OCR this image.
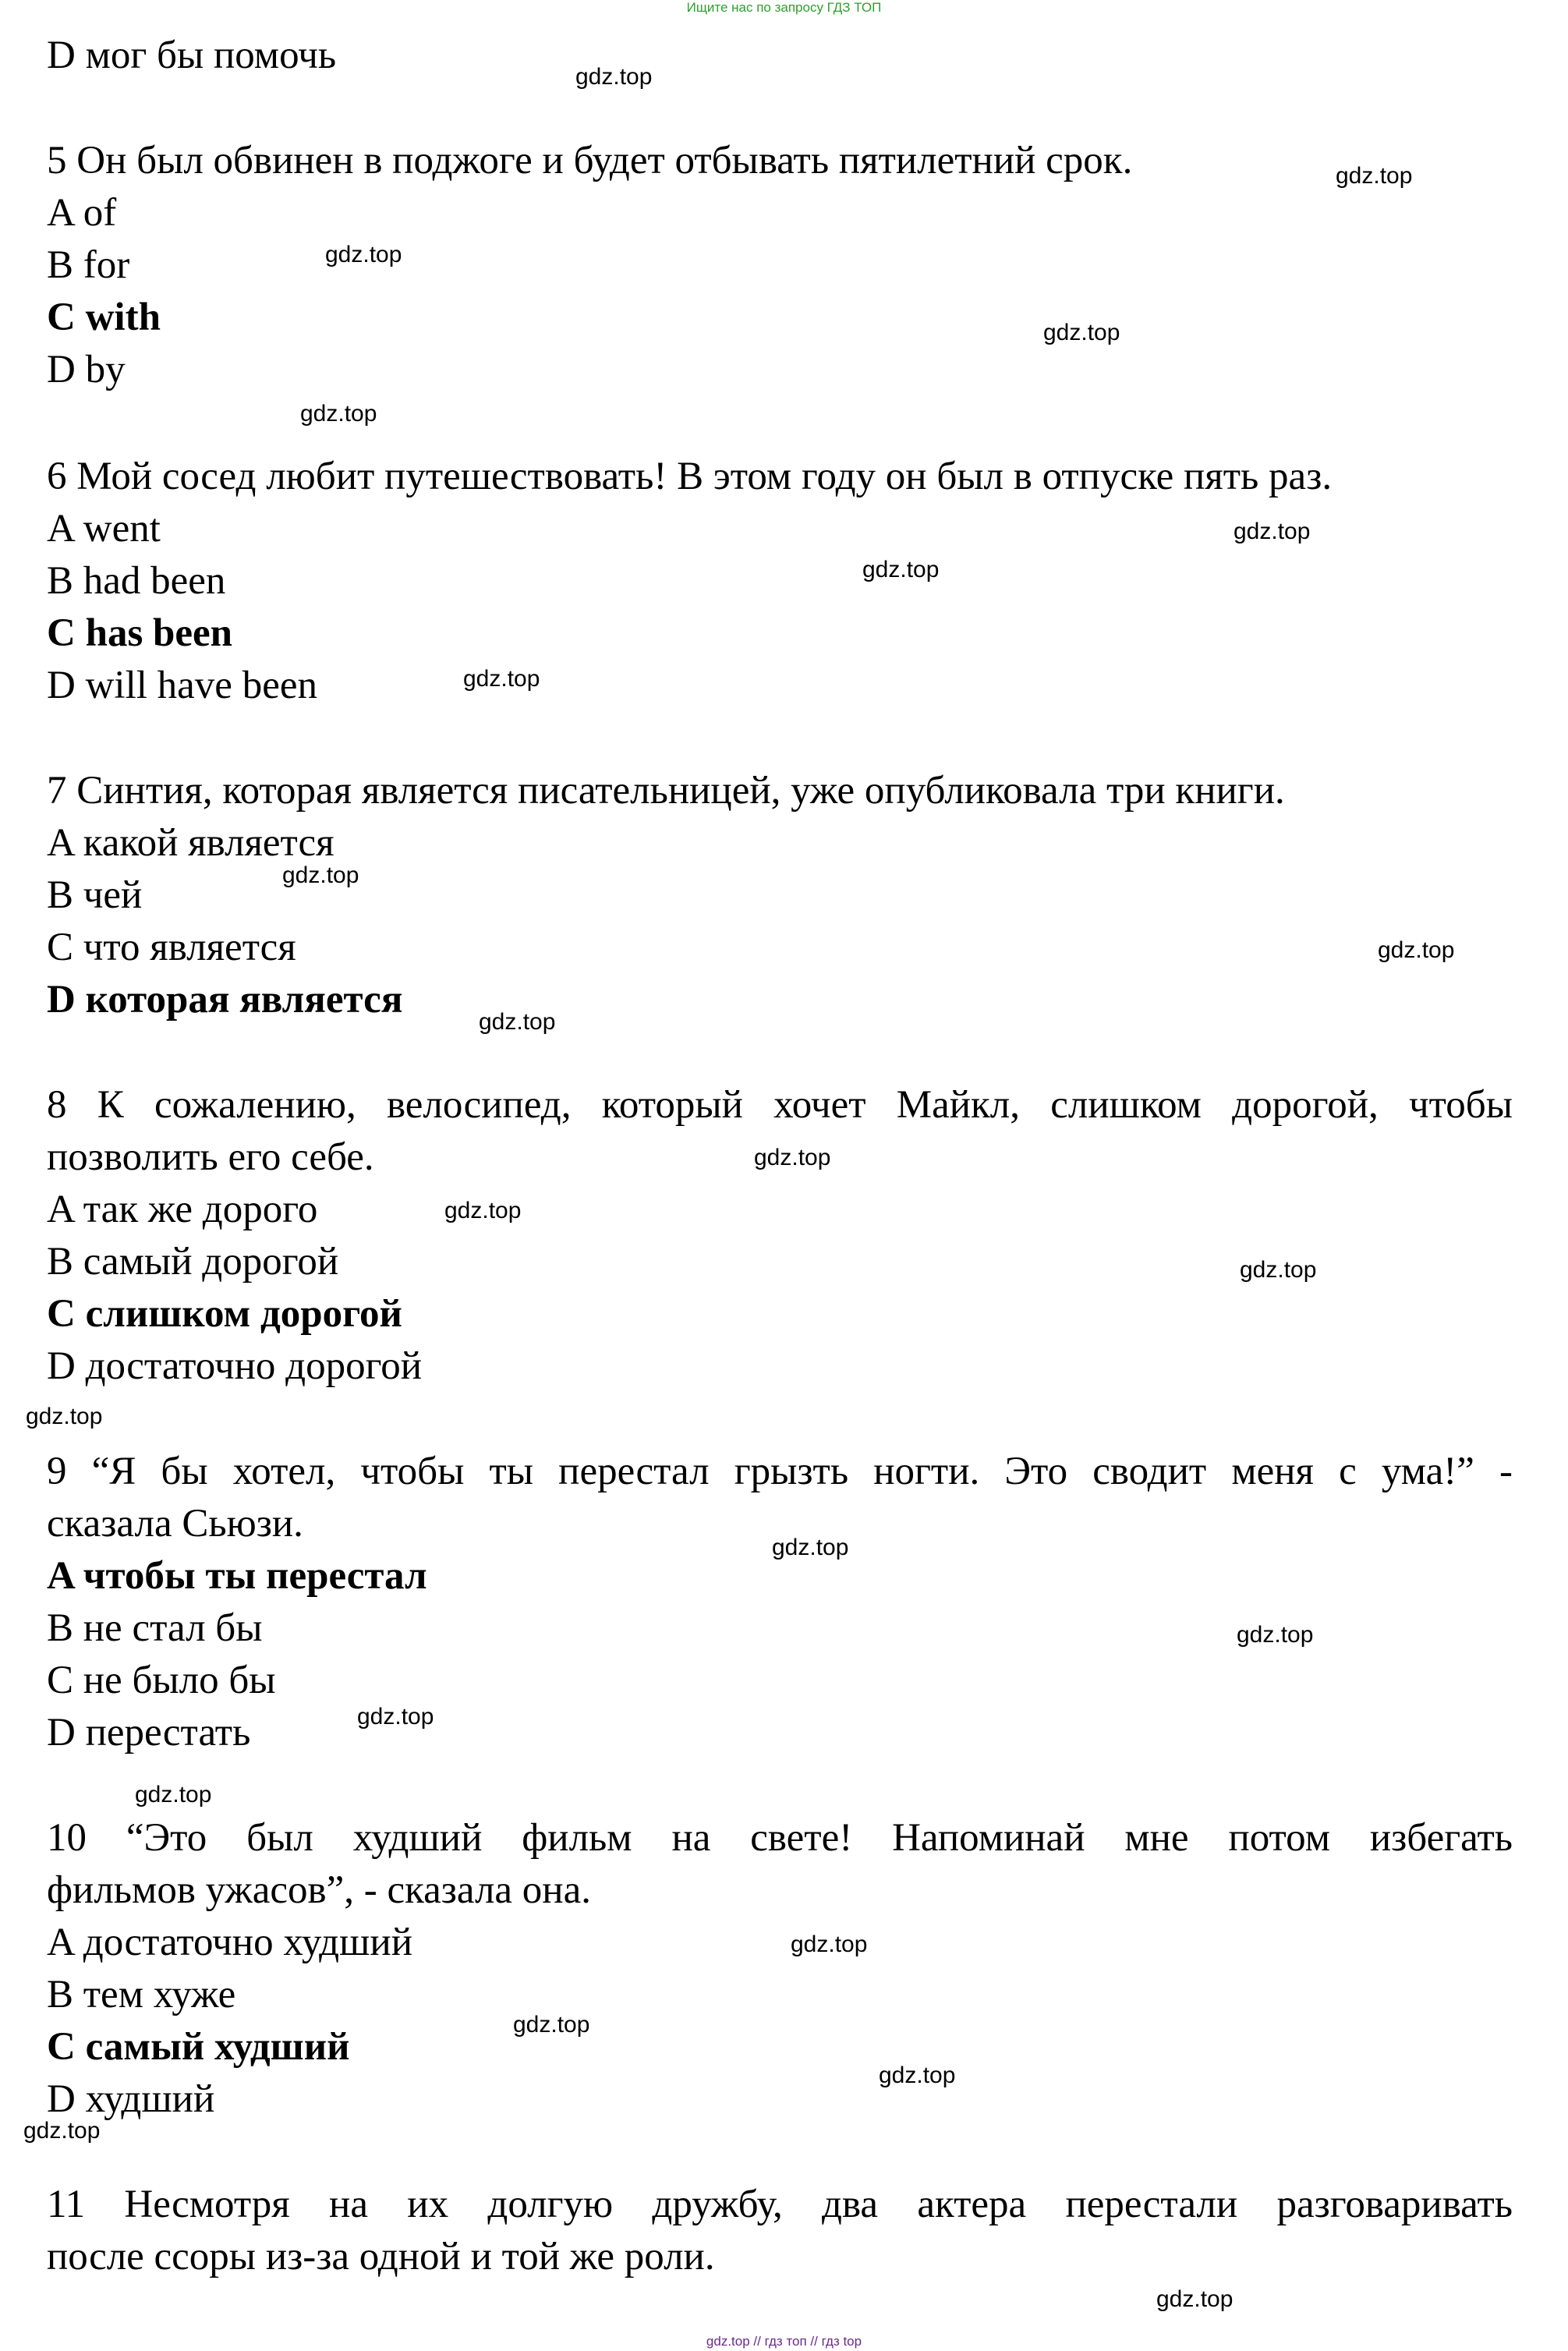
Ищите нас по запросу ГДЗ ТОП
D мог бы помочь
5 Он был обвинен в поджоге и будет отбывать пятилетний срок.
A of
B for
C with
D by
6 Мой сосед любит путешествовать! В этом году он был в отпуске пять раз.
A went
B had been
C has been
D will have been
7 Синтия, которая является писательницей, уже опубликовала три книги.
A какой является
B чей
C что является
D которая является
8 К сожалению, велосипед, который хочет Майкл, слишком дорогой, чтобы
позволить его себе.
A так же дорого
B самый дорогой
C слишком дорогой
D достаточно дорогой
9 “Я бы хотел, чтобы ты перестал грызть ногти. Это сводит меня с ума!” -
сказала Сьюзи.
A чтобы ты перестал
B не стал бы
C не было бы
D перестать
10 “Это был худший фильм на свете! Напоминай мне потом избегать
фильмов ужасов”, - сказала она.
A достаточно худший
B тем хуже
C самый худший
D худший
11 Несмотря на их долгую дружбу, два актера перестали разговаривать
после ссоры из-за одной и той же роли.
gdz.top
gdz.top
gdz.top
gdz.top
gdz.top
gdz.top
gdz.top
gdz.top
gdz.top
gdz.top
gdz.top
gdz.top
gdz.top
gdz.top
gdz.top
gdz.top
gdz.top
gdz.top
gdz.top
gdz.top
gdz.top
gdz.top
gdz.top
gdz.top
gdz.top // гдз топ // гдз top
